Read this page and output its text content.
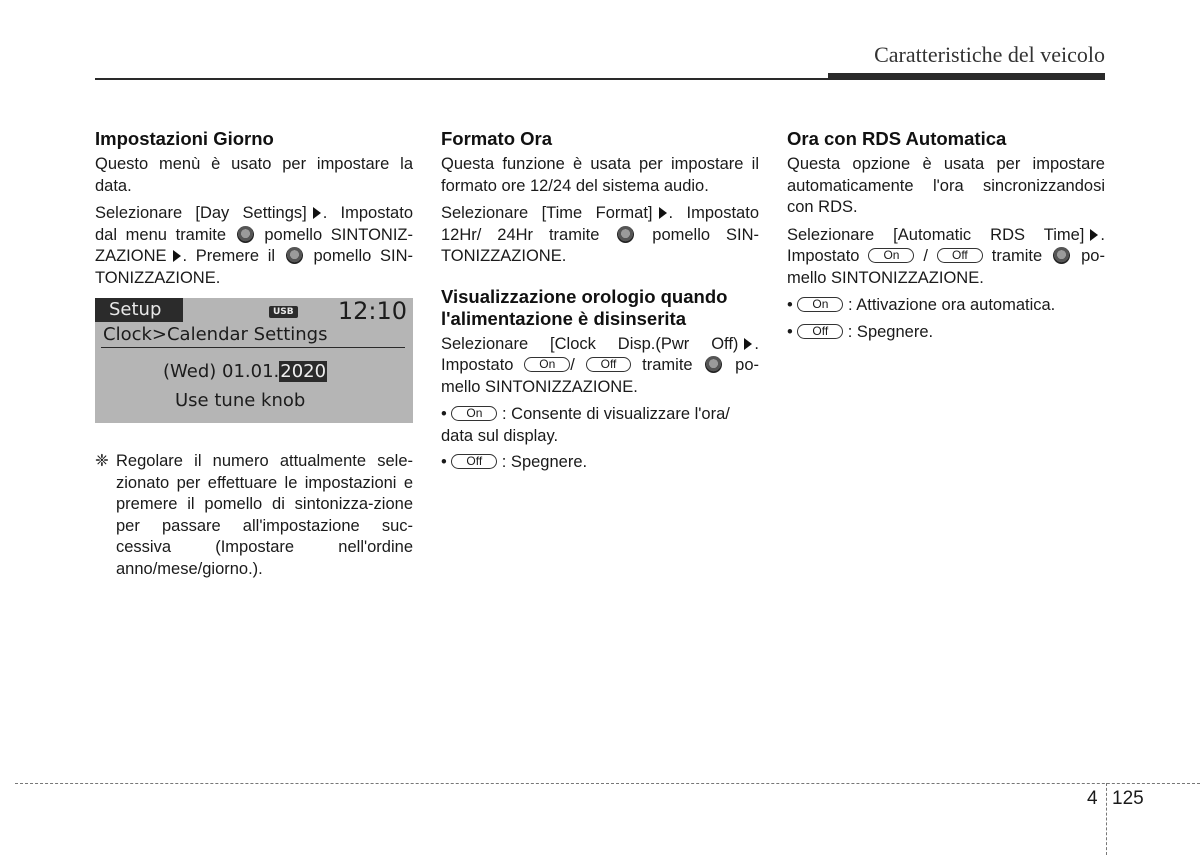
Caratteristiche del veicolo
Impostazioni Giorno

Questo menù è usato per impostare la data.

Selezionare [Day Settings] . Impostato dal menu tramite pomello SINTONIZ-ZAZIONE . Premere il pomello SIN-TONIZZAZIONE.

Setup	USB 12:10
Clock>Calendar Settings
(Wed) 01.01.2020
Use tune knob
❈ Regolare il numero attualmente sele-zionato per effettuare le impostazioni e premere il pomello di sintonizza-zione per passare all'impostazione suc-cessiva (Impostare nell'ordine anno/mese/giorno.).
Formato Ora

Questa funzione è usata per impostare il formato ore 12/24 del sistema audio.

Selezionare [Time Format] . Impostato 12Hr/ 24Hr tramite	pomello SIN-TONIZZAZIONE.

Visualizzazione orologio quando l'alimentazione è disinserita

Selezionare [Clock Disp.(Pwr Off) . Impostato On / Off tramite	po-mello SINTONIZZAZIONE.

• On : Consente di visualizzare l'ora/ data sul display.
• Off : Spegnere.
Ora con RDS Automatica

Questa opzione è usata per impostare automaticamente l'ora sincronizzandosi con RDS.

Selezionare [Automatic RDS Time] . Impostato On / Off tramite po-mello SINTONIZZAZIONE.

• On : Attivazione ora automatica.
• Off : Spegnere.
4 125
